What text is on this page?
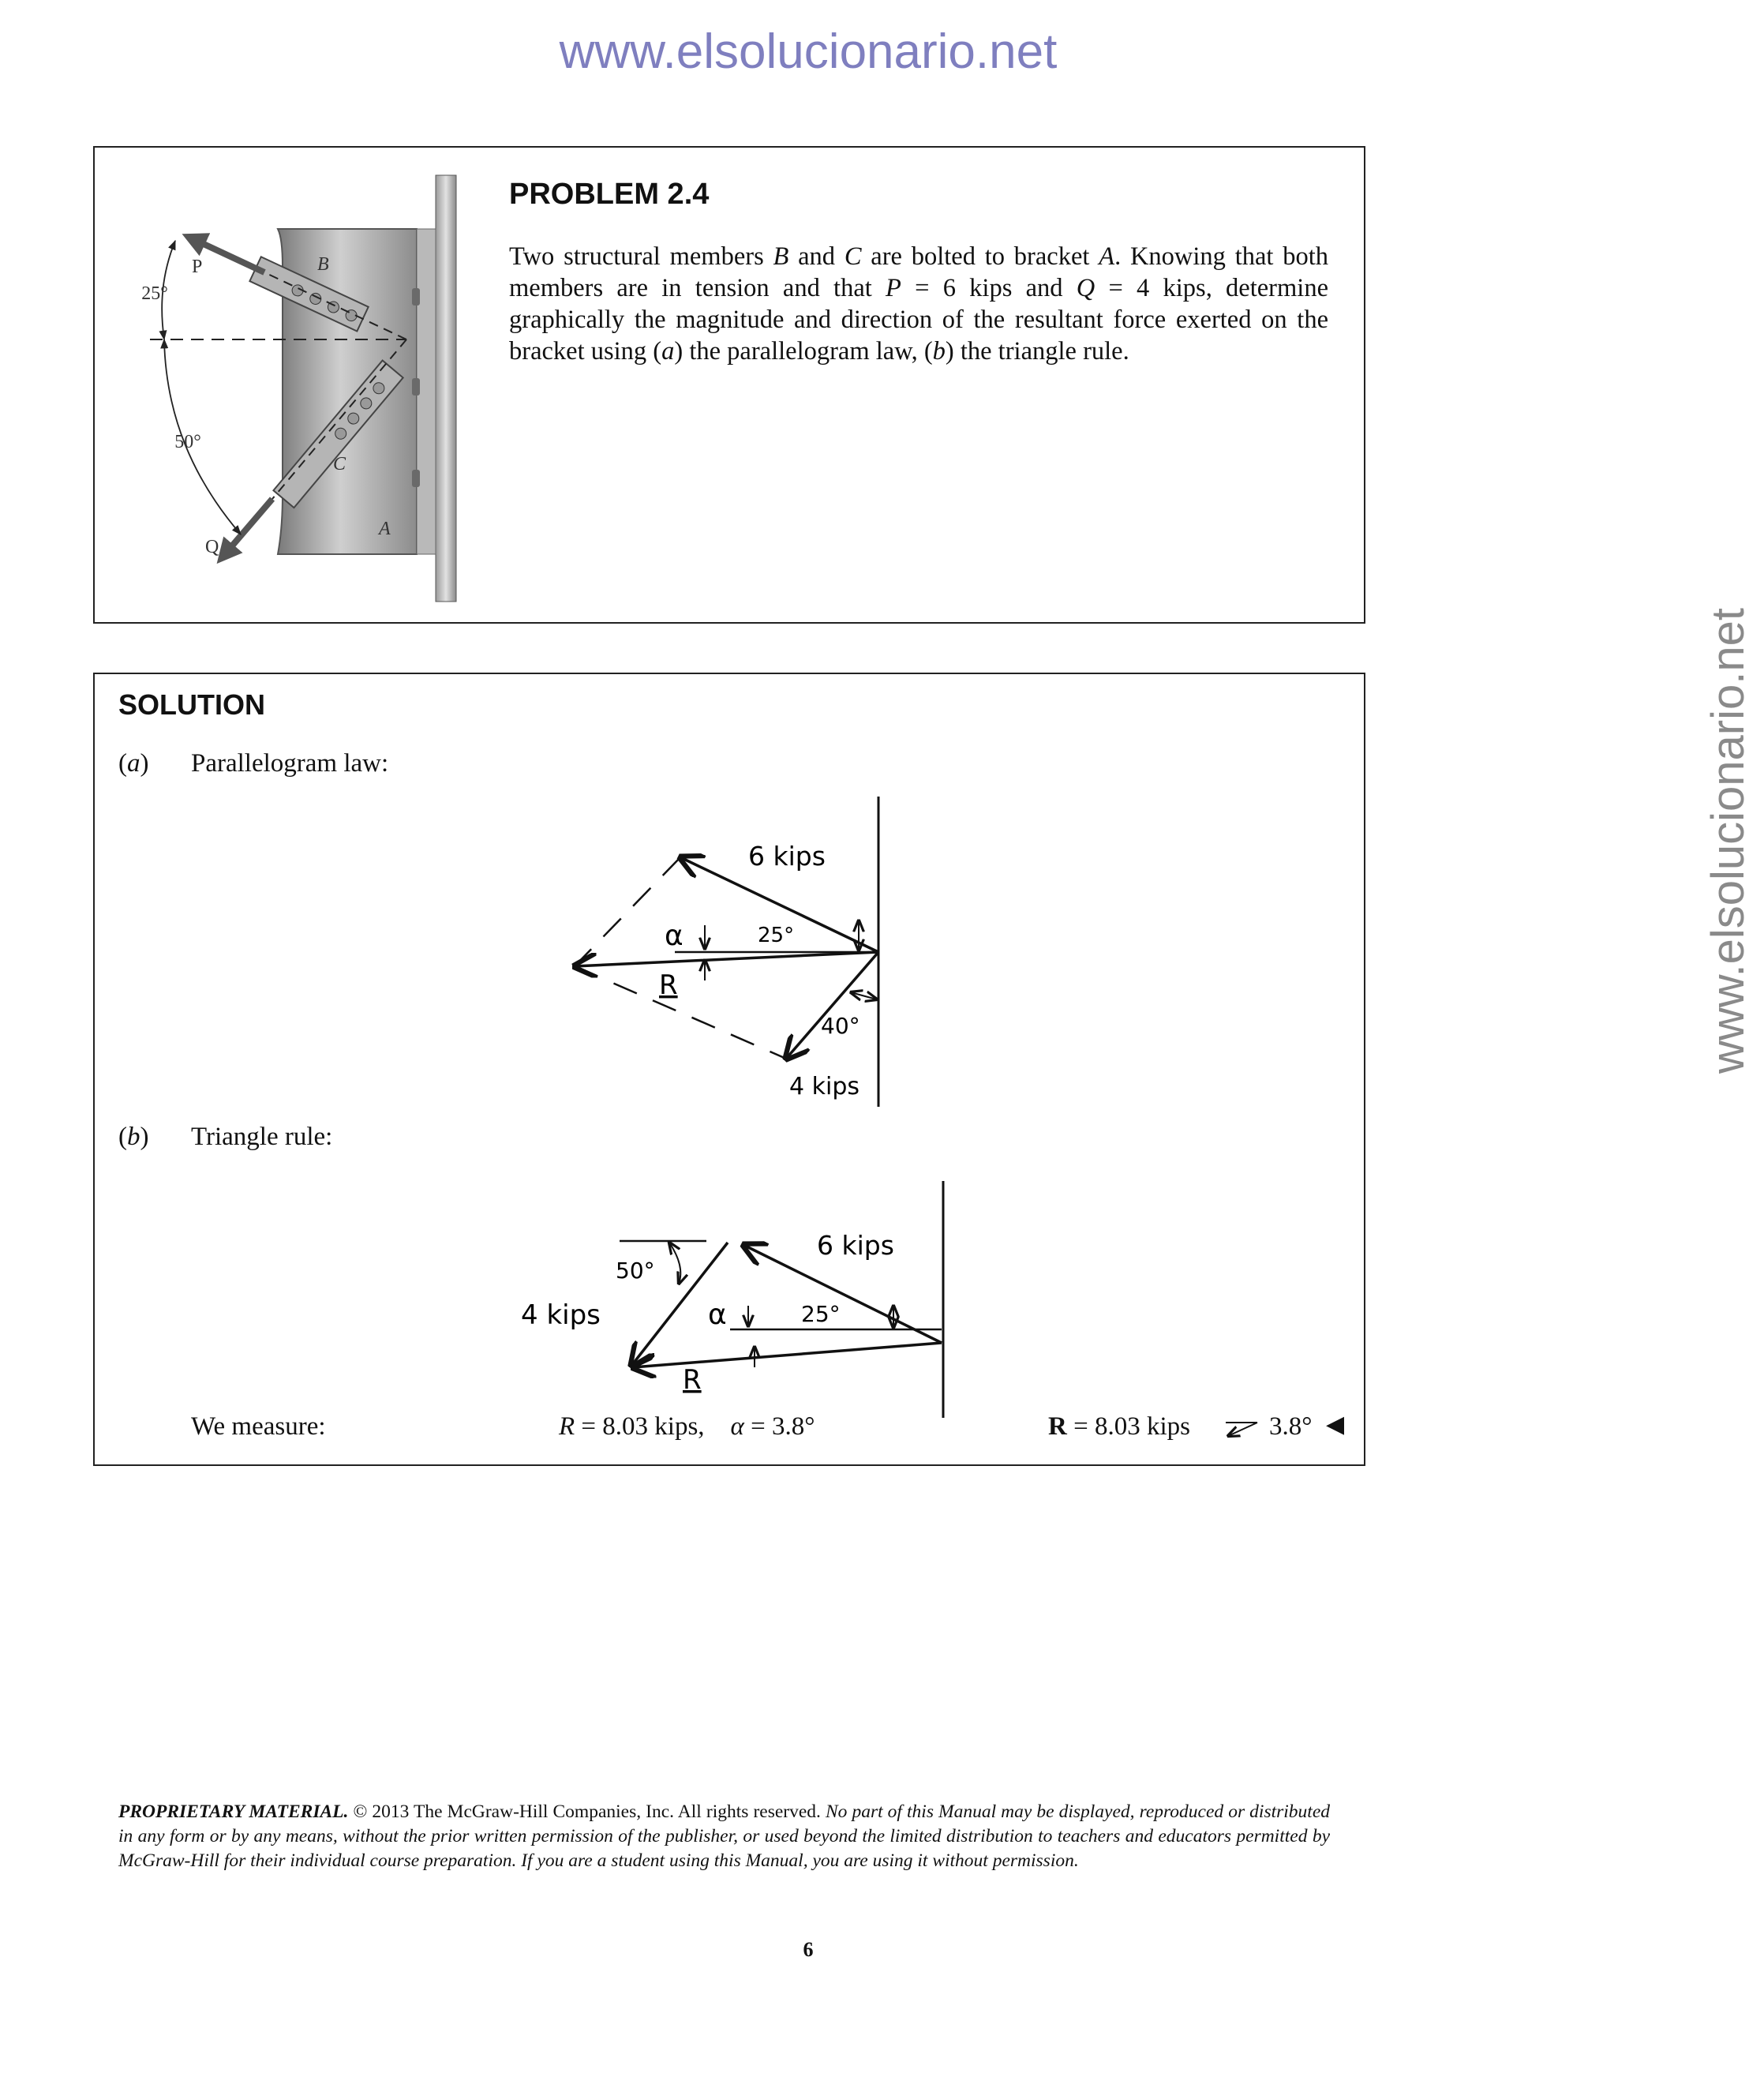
www.elsolucionario.net
www.elsolucionario.net
P
Q
B
C
A
25°
50°
PROBLEM 2.4
Two structural members B and C are bolted to bracket A. Knowing that both members are in tension and that P = 6 kips and Q = 4 kips, determine graphically the magnitude and direction of the resultant force exerted on the bracket using (a) the parallelogram law, (b) the triangle rule.
SOLUTION
(a) Parallelogram law:
(b) Triangle rule:
6 kips
25°
40°
4 kips
α
R
6 kips
50°
4 kips	25°
α
R
We measure:	R = 8.03 kips, α = 3.8°	R = 8.03 kips	3.8° ◀
PROPRIETARY MATERIAL. © 2013 The McGraw-Hill Companies, Inc. All rights reserved. No part of this Manual may be displayed, reproduced or distributed in any form or by any means, without the prior written permission of the publisher, or used beyond the limited distribution to teachers and educators permitted by McGraw-Hill for their individual course preparation. If you are a student using this Manual, you are using it without permission.
6
